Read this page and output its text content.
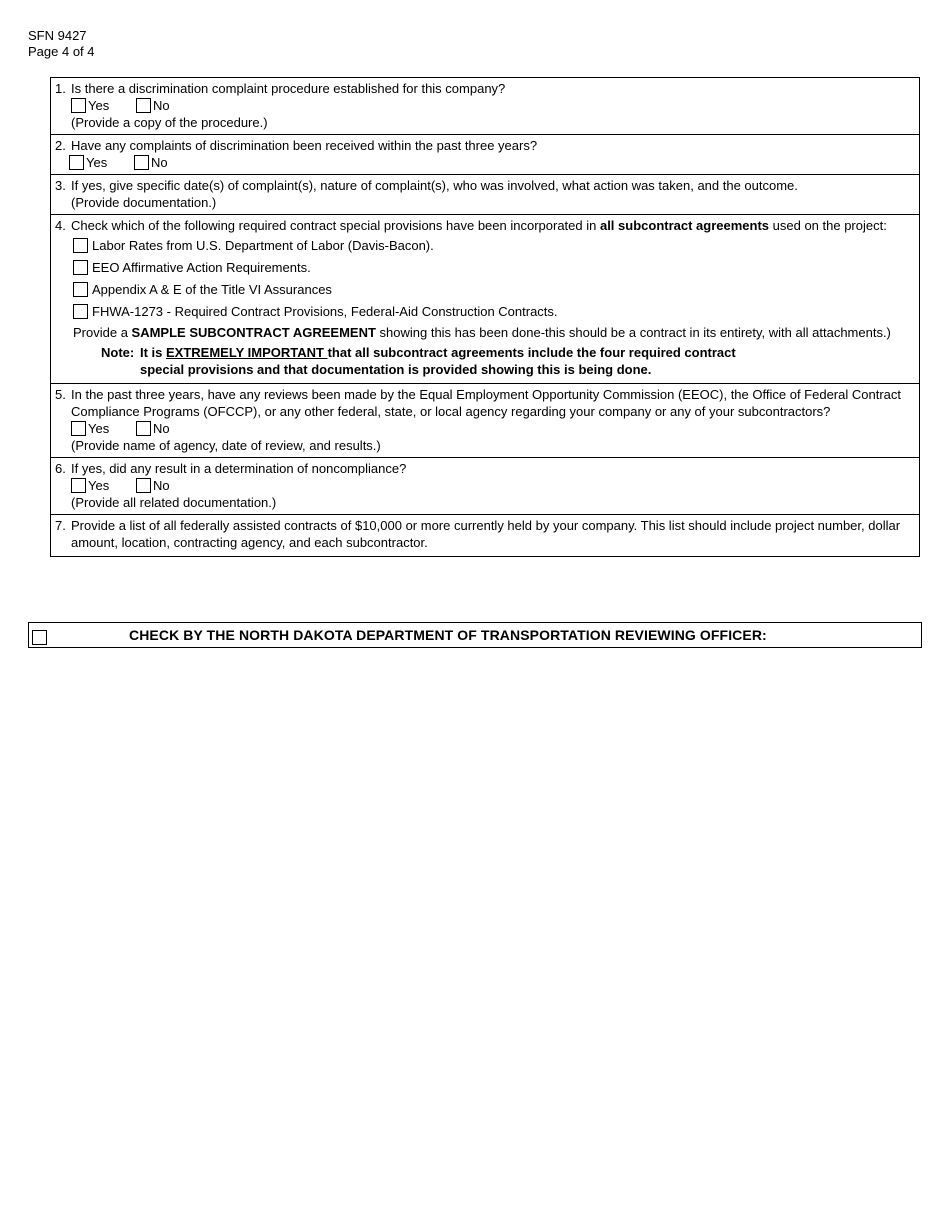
SFN 9427
Page 4 of 4
1. Is there a discrimination complaint procedure established for this company?
Yes	No
(Provide a copy of the procedure.)
2. Have any complaints of discrimination been received within the past three years?
Yes	No
3. If yes, give specific date(s) of complaint(s), nature of complaint(s), who was involved, what action was taken, and the outcome.
(Provide documentation.)
4. Check which of the following required contract special provisions have been incorporated in all subcontract agreements used on the project:
Labor Rates from U.S. Department of Labor (Davis-Bacon).
EEO Affirmative Action Requirements.
Appendix A & E of the Title VI Assurances
FHWA-1273 - Required Contract Provisions, Federal-Aid Construction Contracts.
Provide a SAMPLE SUBCONTRACT AGREEMENT showing this has been done-this should be a contract in its entirety, with all attachments.)
Note: It is EXTREMELY IMPORTANT that all subcontract agreements include the four required contract
special provisions and that documentation is provided showing this is being done.
5. In the past three years, have any reviews been made by the Equal Employment Opportunity Commission (EEOC), the Office of Federal Contract Compliance Programs (OFCCP), or any other federal, state, or local agency regarding your company or any of your subcontractors?
Yes	No
(Provide name of agency, date of review, and results.)
6. If yes, did any result in a determination of noncompliance?
Yes	No
(Provide all related documentation.)
7. Provide a list of all federally assisted contracts of $10,000 or more currently held by your company. This list should include project number, dollar amount, location, contracting agency, and each subcontractor.
CHECK BY THE NORTH DAKOTA DEPARTMENT OF TRANSPORTATION REVIEWING OFFICER:
